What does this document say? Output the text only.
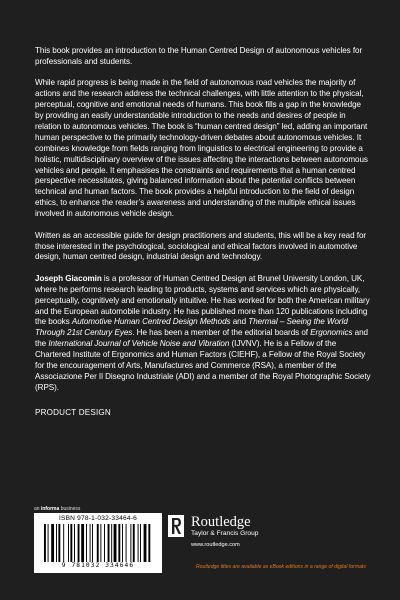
This book provides an introduction to the Human Centred Design of autonomous vehicles for professionals and students.

While rapid progress is being made in the field of autonomous road vehicles the majority of actions and the research address the technical challenges, with little attention to the physical, perceptual, cognitive and emotional needs of humans. This book fills a gap in the knowledge by providing an easily understandable introduction to the needs and desires of people in relation to autonomous vehicles. The book is “human centred design” led, adding an important human perspective to the primarily technology-driven debates about autonomous vehicles. It combines knowledge from fields ranging from linguistics to electrical engineering to provide a holistic, multidisciplinary overview of the issues affecting the interactions between autonomous vehicles and people. It emphasises the constraints and requirements that a human centred perspective necessitates, giving balanced information about the potential conflicts between technical and human factors. The book provides a helpful introduction to the field of design ethics, to enhance the reader’s awareness and understanding of the multiple ethical issues involved in autonomous vehicle design.

Written as an accessible guide for design practitioners and students, this will be a key read for those interested in the psychological, sociological and ethical factors involved in automotive design, human centred design, industrial design and technology.

Joseph Giacomin is a professor of Human Centred Design at Brunel University London, UK, where he performs research leading to products, systems and services which are physically, perceptually, cognitively and emotionally intuitive. He has worked for both the American military and the European automobile industry. He has published more than 120 publications including the books Automotive Human Centred Design Methods and Thermal – Seeing the World Through 21st Century Eyes. He has been a member of the editorial boards of Ergonomics and the International Journal of Vehicle Noise and Vibration (IJVNV). He is a Fellow of the Chartered Institute of Ergonomics and Human Factors (CIEHF), a Fellow of the Royal Society for the encouragement of Arts, Manufactures and Commerce (RSA), a member of the Associazione Per Il Disegno Industriale (ADI) and a member of the Royal Photographic Society (RPS).

PRODUCT DESIGN
an informa business
ISBN 978-1-032-33464-6
9 781032 334646
Routledge
Taylor & Francis Group
www.routledge.com
Routledge titles are available as eBook editions in a range of digital formats
